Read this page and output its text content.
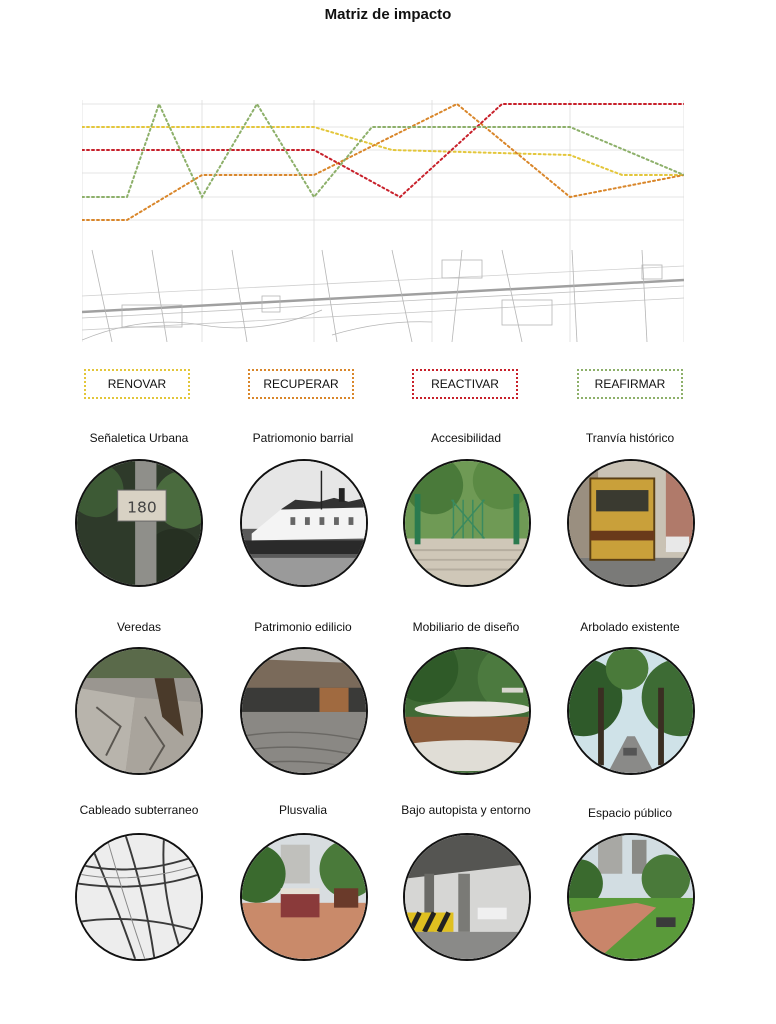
Matriz de impacto
RENOVAR	RECUPERAR	REACTIVAR	REAFIRMAR
Señaletica Urbana	Patriomonio barrial	Accesibilidad	Tranvía histórico
180
Veredas	Patrimonio edilicio	Mobiliario de diseño	Arbolado existente
Cableado subterraneo	Plusvalia	Bajo autopista y entorno	Espacio público
